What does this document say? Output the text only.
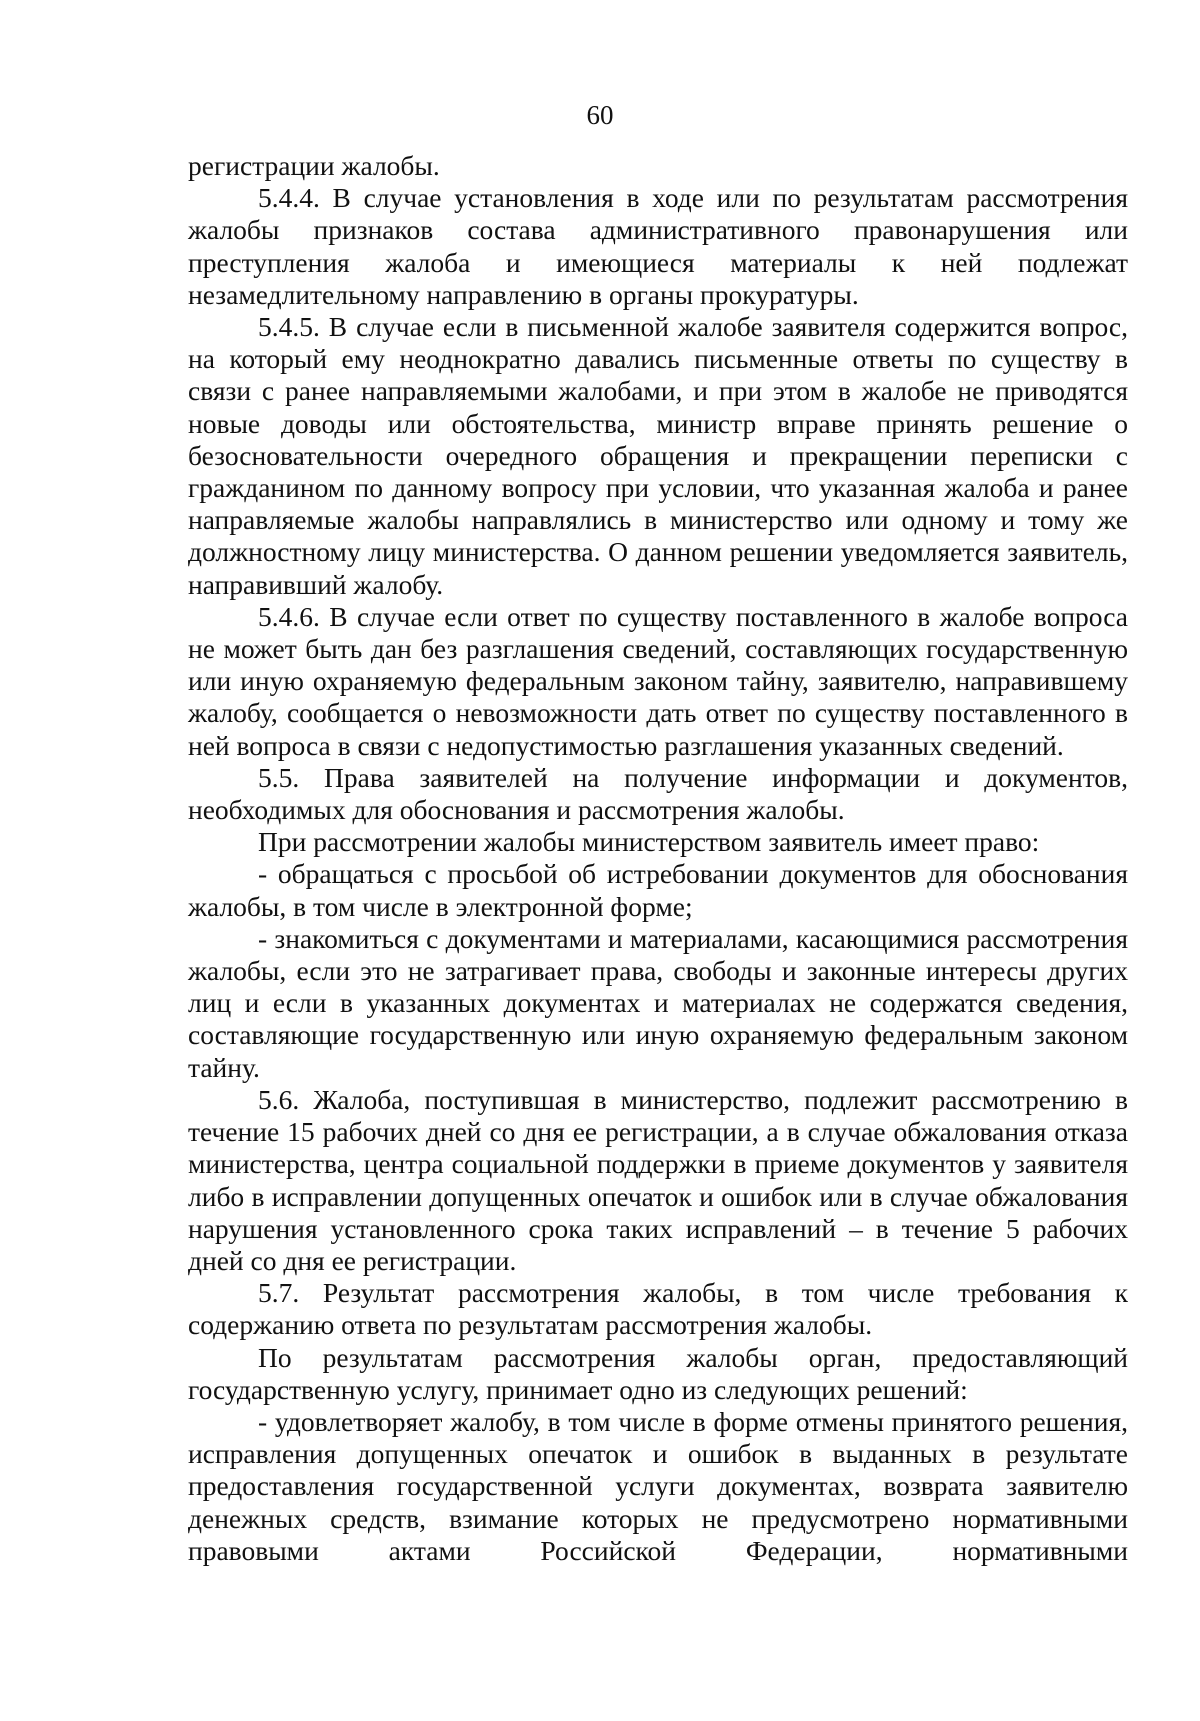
60

регистрации жалобы.

5.4.4. В случае установления в ходе или по результатам рассмотрения жалобы признаков состава административного правонарушения или преступления жалоба и имеющиеся материалы к ней подлежат незамедлительному направлению в органы прокуратуры.

5.4.5. В случае если в письменной жалобе заявителя содержится вопрос, на который ему неоднократно давались письменные ответы по существу в связи с ранее направляемыми жалобами, и при этом в жалобе не приводятся новые доводы или обстоятельства, министр вправе принять решение о безосновательности очередного обращения и прекращении переписки с гражданином по данному вопросу при условии, что указанная жалоба и ранее направляемые жалобы направлялись в министерство или одному и тому же должностному лицу министерства. О данном решении уведомляется заявитель, направивший жалобу.

5.4.6. В случае если ответ по существу поставленного в жалобе вопроса не может быть дан без разглашения сведений, составляющих государственную или иную охраняемую федеральным законом тайну, заявителю, направившему жалобу, сообщается о невозможности дать ответ по существу поставленного в ней вопроса в связи с недопустимостью разглашения указанных сведений.

5.5. Права заявителей на получение информации и документов, необходимых для обоснования и рассмотрения жалобы.

При рассмотрении жалобы министерством заявитель имеет право:

- обращаться с просьбой об истребовании документов для обоснования жалобы, в том числе в электронной форме;

- знакомиться с документами и материалами, касающимися рассмотрения жалобы, если это не затрагивает права, свободы и законные интересы других лиц и если в указанных документах и материалах не содержатся сведения, составляющие государственную или иную охраняемую федеральным законом тайну.

5.6. Жалоба, поступившая в министерство, подлежит рассмотрению в течение 15 рабочих дней со дня ее регистрации, а в случае обжалования отказа министерства, центра социальной поддержки в приеме документов у заявителя либо в исправлении допущенных опечаток и ошибок или в случае обжалования нарушения установленного срока таких исправлений – в течение 5 рабочих дней со дня ее регистрации.

5.7. Результат рассмотрения жалобы, в том числе требования к содержанию ответа по результатам рассмотрения жалобы.

По результатам рассмотрения жалобы орган, предоставляющий государственную услугу, принимает одно из следующих решений:

- удовлетворяет жалобу, в том числе в форме отмены принятого решения, исправления допущенных опечаток и ошибок в выданных в результате предоставления государственной услуги документах, возврата заявителю денежных средств, взимание которых не предусмотрено нормативными правовыми актами Российской Федерации, нормативными
